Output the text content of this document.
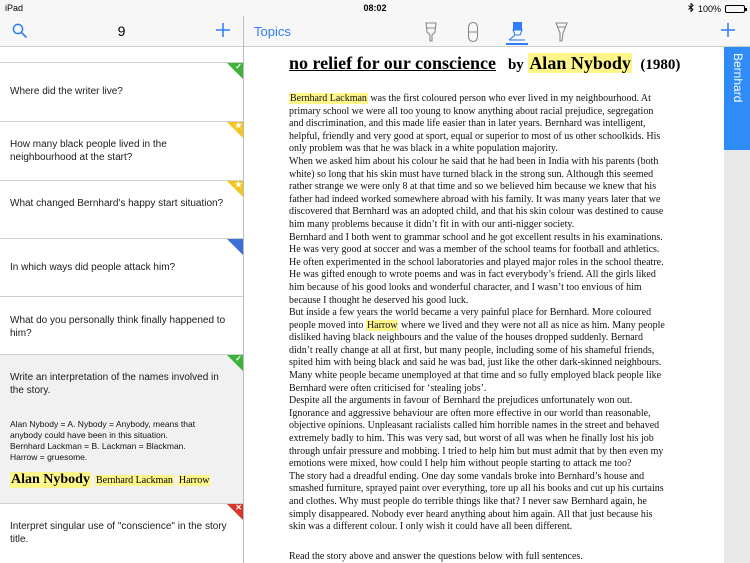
iPad	08:02	100%
9
✓
Where did the writer live?
★
How many black people lived in the neighbourhood at the start?
★
What changed Bernhard's happy start situation?
In which ways did people attack him?
What do you personally think finally happened to him?
✓
Write an interpretation of the names involved in the story.
Alan Nybody = A. Nybody = Anybody, means that
anybody could have been in this situation.
Bernhard Lackman = B. Lackman = Blackman.
Harrow = gruesome.
Alan Nybody Bernhard Lackman Harrow
✕
Interpret singular use of "conscience" in the story title.
Topics
no relief for our conscience by Alan Nybody (1980)

Bernhard Lackman was the first coloured person who ever lived in my neighbourhood. At

primary school we were all too young to know anything about racial prejudice, segregation

and discrimination, and this made life easier than in later years. Bernhard was intelligent,

helpful, friendly and very good at sport, equal or superior to most of us other schoolkids. His

only problem was that he was black in a white population majority.

When we asked him about his colour he said that he had been in India with his parents (both

white) so long that his skin must have turned black in the strong sun. Although this seemed

rather strange we were only 8 at that time and so we believed him because we knew that his

father had indeed worked somewhere abroad with his family. It was many years later that we

discovered that Bernhard was an adopted child, and that his skin colour was destined to cause

him many problems because it didn’t fit in with our anti-nigger society.

Bernhard and I both went to grammar school and he got excellent results in his examinations.

He was very good at soccer and was a member of the school teams for football and athletics.

He often experimented in the school laboratories and played major roles in the school theatre.

He was gifted enough to wrote poems and was in fact everybody’s friend. All the girls liked

him because of his good looks and wonderful character, and I wasn’t too envious of him

because I thought he deserved his good luck.

But inside a few years the world became a very painful place for Bernhard. More coloured

people moved into Harrow where we lived and they were not all as nice as him. Many people

disliked having black neighbours and the value of the houses dropped suddenly. Bernard

didn’t really change at all at first, but many people, including some of his shameful friends,

spited him with being black and said he was bad, just like the other dark-skinned neighbours.

Many white people became unemployed at that time and so fully employed black people like

Bernhard were often criticised for ‘stealing jobs’.

Despite all the arguments in favour of Bernhard the prejudices unfortunately won out.

Ignorance and aggressive behaviour are often more effective in our world than reasonable,

objective opinions. Unpleasant racialists called him horrible names in the street and behaved

extremely badly to him. This was very sad, but worst of all was when he finally lost his job

through unfair pressure and mobbing. I tried to help him but must admit that by then even my

emotions were mixed, how could I help him without people starting to attack me too?

The story had a dreadful ending. One day some vandals broke into Bernhard’s house and

smashed furniture, sprayed paint over everything, tore up all his books and cut up his curtains

and clothes. Why must people do terrible things like that? I never saw Bernhard again, he

simply disappeared. Nobody ever heard anything about him again. All that just because his

skin was a different colour. I only wish it could have all been different.

Read the story above and answer the questions below with full sentences.
Bernhard
